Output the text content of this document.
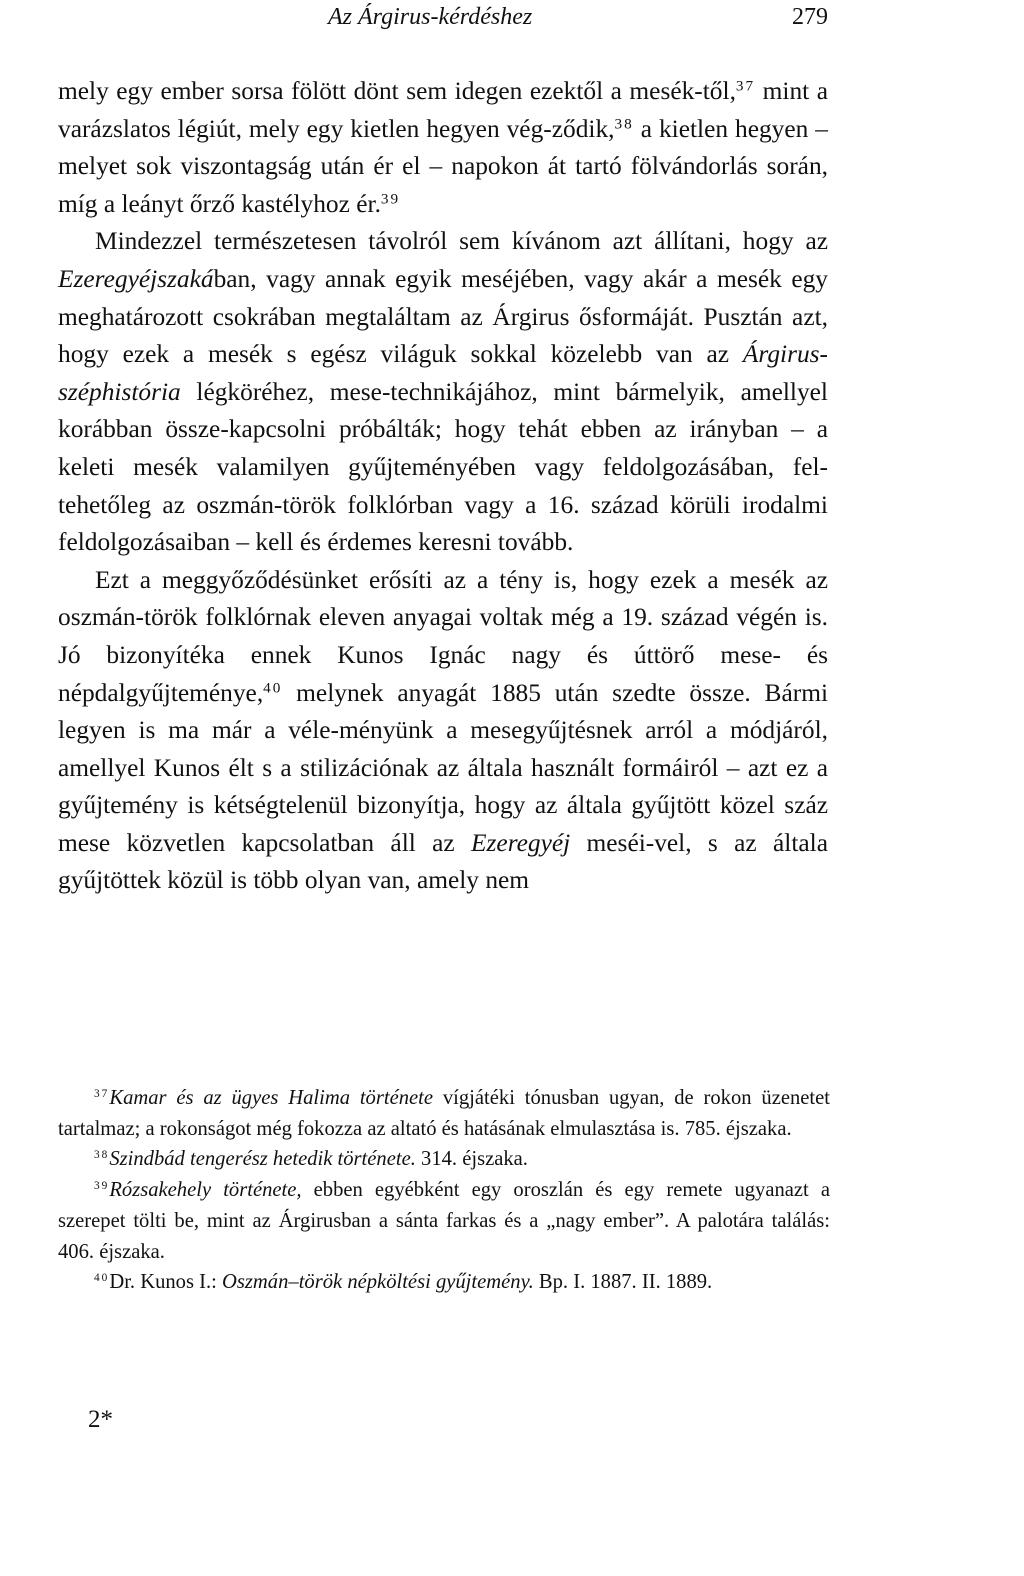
Az Árgirus-kérdéshez	279

mely egy ember sorsa fölött dönt sem idegen ezektől a mesék-től,$^{37}$ mint a varázslatos légiút, mely egy kietlen hegyen vég-ződik,$^{38}$ a kietlen hegyen – melyet sok viszontagság után ér el – napokon át tartó fölvándorlás során, míg a leányt őrző kastélyhoz ér.$^{39}$

Mindezzel természetesen távolról sem kívánom azt állítani, hogy az Ezeregyéjszakában, vagy annak egyik meséjében, vagy akár a mesék egy meghatározott csokrában megtaláltam az Árgirus ősformáját. Pusztán azt, hogy ezek a mesék s egész világuk sokkal közelebb van az Árgirus-széphistória légköréhez, mese-technikájához, mint bármelyik, amellyel korábban össze-kapcsolni próbálták; hogy tehát ebben az irányban – a keleti mesék valamilyen gyűjteményében vagy feldolgozásában, fel-tehetőleg az oszmán-török folklórban vagy a 16. század körüli irodalmi feldolgozásaiban – kell és érdemes keresni tovább.

Ezt a meggyőződésünket erősíti az a tény is, hogy ezek a mesék az oszmán-török folklórnak eleven anyagai voltak még a 19. század végén is. Jó bizonyítéka ennek Kunos Ignác nagy és úttörő mese- és népdalgyűjteménye,$^{40}$ melynek anyagát 1885 után szedte össze. Bármi legyen is ma már a véle-ményünk a mesegyűjtésnek arról a módjáról, amellyel Kunos élt s a stilizációnak az általa használt formáiról – azt ez a gyűjtemény is kétségtelenül bizonyítja, hogy az általa gyűjtött közel száz mese közvetlen kapcsolatban áll az Ezeregyéj meséi-vel, s az általa gyűjtöttek közül is több olyan van, amely nem

$^{37}$Kamar és az ügyes Halima története vígjátéki tónusban ugyan, de rokon üzenetet tartalmaz; a rokonságot még fokozza az altató és hatásának elmulasztása is. 785. éjszaka.

$^{38}$Szindbád tengerész hetedik története. 314. éjszaka.

$^{39}$Rózsakehely története, ebben egyébként egy oroszlán és egy remete ugyanazt a szerepet tölti be, mint az Árgirusban a sánta farkas és a „nagy ember”. A palotára találás: 406. éjszaka.

$^{40}$Dr. Kunos I.: Oszmán–török népköltési gyűjtemény. Bp. I. 1887. II. 1889.

2*
